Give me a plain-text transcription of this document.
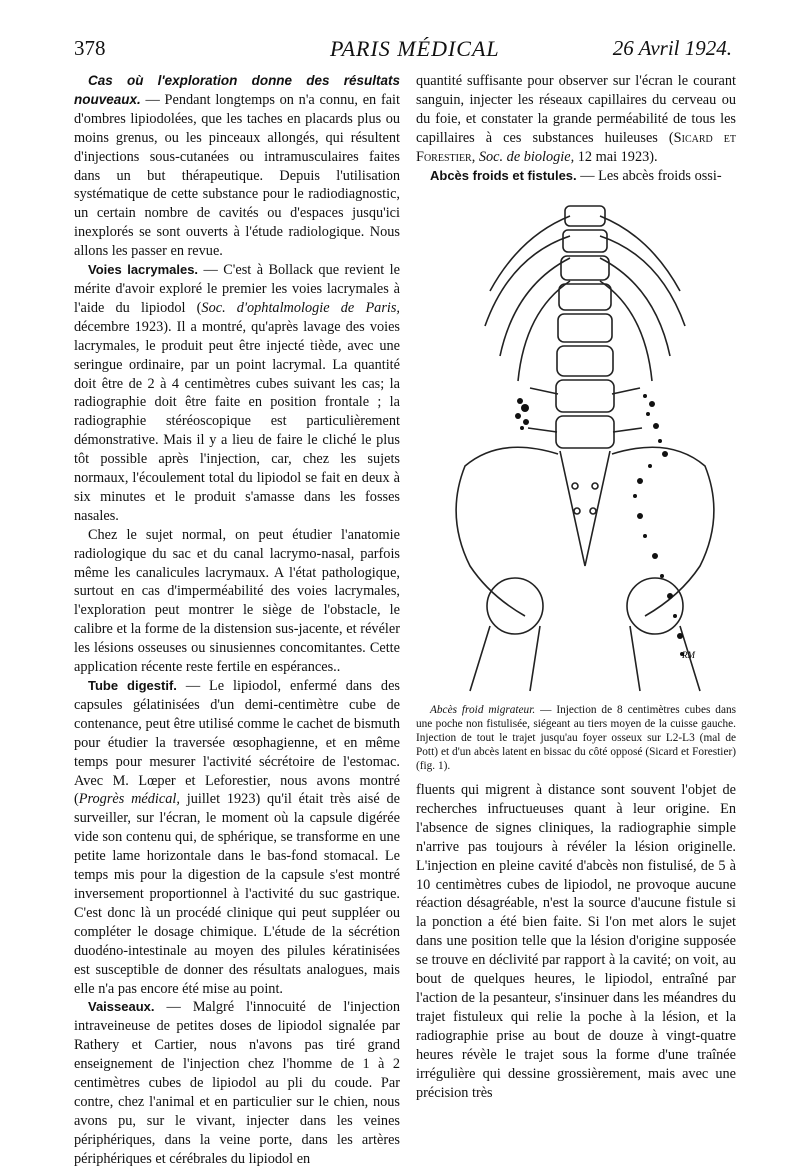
378	PARIS MÉDICAL	26 Avril 1924.

Cas où l'exploration donne des résultats nouveaux. — Pendant longtemps on n'a connu, en fait d'ombres lipiodolées, que les taches en placards plus ou moins grenus, ou les pinceaux allongés, qui résultent d'injections sous-cutanées ou intramusculaires faites dans un but thérapeutique. Depuis l'utilisation systématique de cette substance pour le radiodiagnostic, un certain nombre de cavités ou d'espaces jusqu'ici inexplorés se sont ouverts à l'étude radiologique. Nous allons les passer en revue.

Voies lacrymales. — C'est à Bollack que revient le mérite d'avoir exploré le premier les voies lacrymales à l'aide du lipiodol (Soc. d'ophtalmologie de Paris, décembre 1923). Il a montré, qu'après lavage des voies lacrymales, le produit peut être injecté tiède, avec une seringue ordinaire, par un point lacrymal. La quantité doit être de 2 à 4 centimètres cubes suivant les cas; la radiographie doit être faite en position frontale ; la radiographie stéréoscopique est particulièrement démonstrative. Mais il y a lieu de faire le cliché le plus tôt possible après l'injection, car, chez les sujets normaux, l'écoulement total du lipiodol se fait en deux à six minutes et le produit s'amasse dans les fosses nasales.

Chez le sujet normal, on peut étudier l'anatomie radiologique du sac et du canal lacrymo-nasal, parfois même les canalicules lacrymaux. A l'état pathologique, surtout en cas d'imperméabilité des voies lacrymales, l'exploration peut montrer le siège de l'obstacle, le calibre et la forme de la distension sus-jacente, et révéler les lésions osseuses ou sinusiennes concomitantes. Cette application récente reste fertile en espérances..

Tube digestif. — Le lipiodol, enfermé dans des capsules gélatinisées d'un demi-centimètre cube de contenance, peut être utilisé comme le cachet de bismuth pour étudier la traversée œsophagienne, et en même temps pour mesurer l'activité sécrétoire de l'estomac. Avec M. Lœper et Leforestier, nous avons montré (Progrès médical, juillet 1923) qu'il était très aisé de surveiller, sur l'écran, le moment où la capsule digérée vide son contenu qui, de sphérique, se transforme en une petite lame horizontale dans le bas-fond stomacal. Le temps mis pour la digestion de la capsule s'est montré inversement proportionnel à l'activité du suc gastrique. C'est donc là un procédé clinique qui peut suppléer ou compléter le dosage chimique. L'étude de la sécrétion duodéno-intestinale au moyen des pilules kératinisées est susceptible de donner des résultats analogues, mais elle n'a pas encore été mise au point.

Vaisseaux. — Malgré l'innocuité de l'injection intraveineuse de petites doses de lipiodol signalée par Rathery et Cartier, nous n'avons pas tiré grand enseignement de l'injection chez l'homme de 1 à 2 centimètres cubes de lipiodol au pli du coude. Par contre, chez l'animal et en particulier sur le chien, nous avons pu, sur le vivant, injecter dans les veines périphériques, dans la veine porte, dans les artères périphériques et cérébrales du lipiodol en

quantité suffisante pour observer sur l'écran le courant sanguin, injecter les réseaux capillaires du cerveau ou du foie, et constater la grande perméabilité de tous les capillaires à ces substances huileuses (Sicard et Forestier, Soc. de biologie, 12 mai 1923).

Abcès froids et fistules. — Les abcès froids ossi-

RM

Abcès froid migrateur. — Injection de 8 centimètres cubes dans une poche non fistulisée, siégeant au tiers moyen de la cuisse gauche. Injection de tout le trajet jusqu'au foyer osseux sur L2-L3 (mal de Pott) et d'un abcès latent en bissac du côté opposé (Sicard et Forestier) (fig. 1).

fluents qui migrent à distance sont souvent l'objet de recherches infructueuses quant à leur origine. En l'absence de signes cliniques, la radiographie simple n'arrive pas toujours à révéler la lésion originelle. L'injection en pleine cavité d'abcès non fistulisé, de 5 à 10 centimètres cubes de lipiodol, ne provoque aucune réaction désagréable, n'est la source d'aucune fistule si la ponction a été bien faite. Si l'on met alors le sujet dans une position telle que la lésion d'origine supposée se trouve en déclivité par rapport à la cavité; on voit, au bout de quelques heures, le lipiodol, entraîné par l'action de la pesanteur, s'insinuer dans les méandres du trajet fistuleux qui relie la poche à la lésion, et la radiographie prise au bout de douze à vingt-quatre heures révèle le trajet sous la forme d'une traînée irrégulière qui dessine grossièrement, mais avec une précision très
